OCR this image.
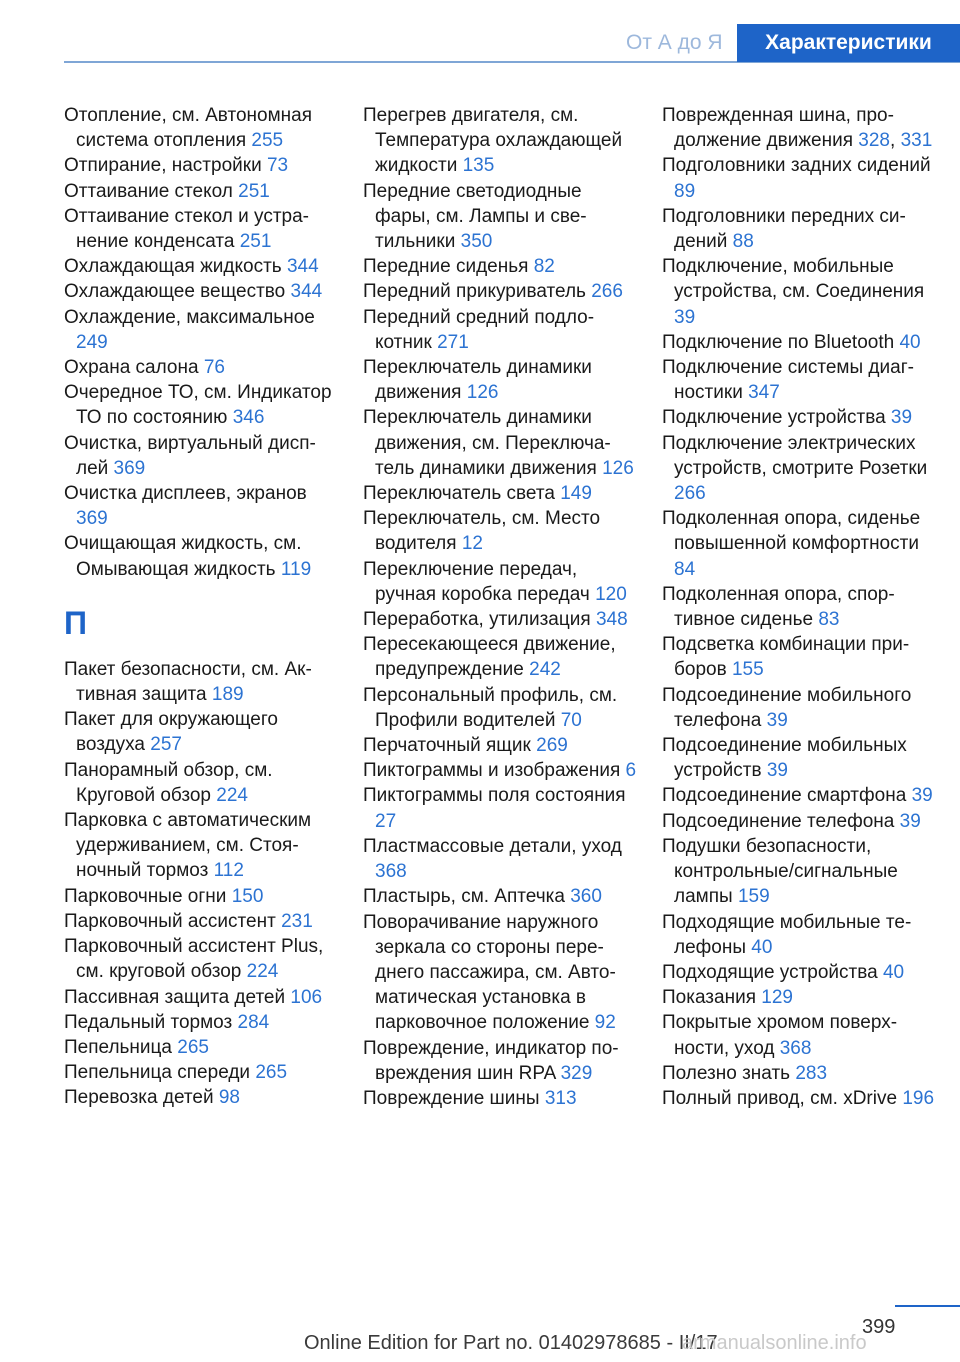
От А до Я	Характеристики
Отопление, см. Автономная система отопления 255
Отпирание, настройки 73
Оттаивание стекол 251
Оттаивание стекол и устранение конденсата 251
Охлаждающая жидкость 344
Охлаждающее вещество 344
Охлаждение, максимальное 249
Охрана салона 76
Очередное ТО, см. Индикатор ТО по состоянию 346
Очистка, виртуальный дисплей 369
Очистка дисплеев, экранов 369
Очищающая жидкость, см. Омывающая жидкость 119
П
Пакет безопасности, см. Активная защита 189
Пакет для окружающего воздуха 257
Панорамный обзор, см. Круговой обзор 224
Парковка с автоматическим удерживанием, см. Стояночный тормоз 112
Парковочные огни 150
Парковочный ассистент 231
Парковочный ассистент Plus, см. круговой обзор 224
Пассивная защита детей 106
Педальный тормоз 284
Пепельница 265
Пепельница спереди 265
Перевозка детей 98
Перегрев двигателя, см. Температура охлаждающей жидкости 135
Передние светодиодные фары, см. Лампы и светильники 350
Передние сиденья 82
Передний прикуриватель 266
Передний средний подлокотник 271
Переключатель динамики движения 126
Переключатель динамики движения, см. Переключатель динамики движения 126
Переключатель света 149
Переключатель, см. Место водителя 12
Переключение передач, ручная коробка передач 120
Переработка, утилизация 348
Пересекающееся движение, предупреждение 242
Персональный профиль, см. Профили водителей 70
Перчаточный ящик 269
Пиктограммы и изображения 6
Пиктограммы поля состояния 27
Пластмассовые детали, уход 368
Пластырь, см. Аптечка 360
Поворачивание наружного зеркала со стороны переднего пассажира, см. Автоматическая установка в парковочное положение 92
Повреждение, индикатор повреждения шин RPA 329
Повреждение шины 313
Поврежденная шина, продолжение движения 328, 331
Подголовники задних сидений 89
Подголовники передних сидений 88
Подключение, мобильные устройства, см. Соединения 39
Подключение по Bluetooth 40
Подключение системы диагностики 347
Подключение устройства 39
Подключение электрических устройств, смотрите Розетки 266
Подколенная опора, сиденье повышенной комфортности 84
Подколенная опора, спортивное сиденье 83
Подсветка комбинации приборов 155
Подсоединение мобильного телефона 39
Подсоединение мобильных устройств 39
Подсоединение смартфона 39
Подсоединение телефона 39
Подушки безопасности, контрольные/сигнальные лампы 159
Подходящие мобильные телефоны 40
Подходящие устройства 40
Показания 129
Покрытые хромом поверхности, уход 368
Полезно знать 283
Полный привод, см. xDrive 196
399
Online Edition for Part no. 01402978685 - II/17
armanualsonline.info
